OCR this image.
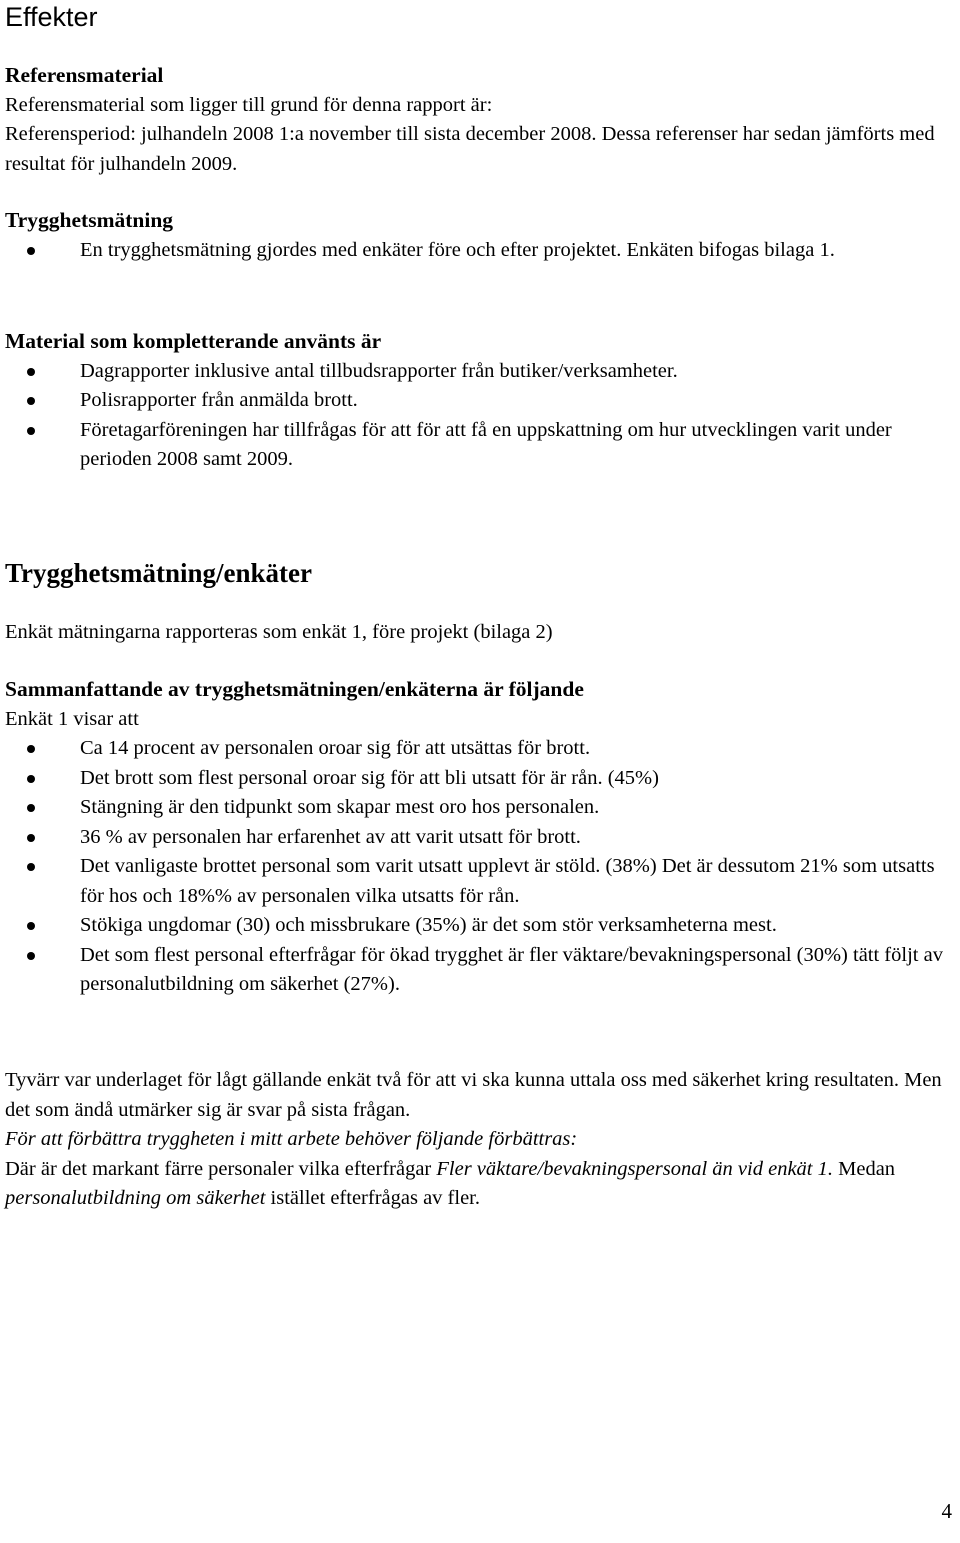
Effekter

Referensmaterial

Referensmaterial som ligger till grund för denna rapport är:

Referensperiod: julhandeln 2008 1:a november till sista december 2008. Dessa referenser har sedan jämförts med resultat för julhandeln 2009.

Trygghetsmätning

En trygghetsmätning gjordes med enkäter före och efter projektet. Enkäten bifogas bilaga 1.

Material som kompletterande använts är

Dagrapporter inklusive antal tillbudsrapporter från butiker/verksamheter.
Polisrapporter från anmälda brott.
Företagarföreningen har tillfrågas för att för att få en uppskattning om hur utvecklingen varit under perioden 2008 samt 2009.

Trygghetsmätning/enkäter

Enkät mätningarna rapporteras som enkät 1, före projekt (bilaga 2)

Sammanfattande av trygghetsmätningen/enkäterna är följande

Enkät 1 visar att

Ca 14 procent av personalen oroar sig för att utsättas för brott.
Det brott som flest personal oroar sig för att bli utsatt för är rån. (45%)
Stängning är den tidpunkt som skapar mest oro hos personalen.
36 % av personalen har erfarenhet av att varit utsatt för brott.
Det vanligaste brottet personal som varit utsatt upplevt är stöld. (38%) Det är dessutom 21% som utsatts för hos och 18%% av personalen vilka utsatts för rån.
Stökiga ungdomar (30) och missbrukare (35%) är det som stör verksamheterna mest.
Det som flest personal efterfrågar för ökad trygghet är fler väktare/bevakningspersonal (30%) tätt följt av personalutbildning om säkerhet (27%).

Tyvärr var underlaget för lågt gällande enkät två för att vi ska kunna uttala oss med säkerhet kring resultaten. Men det som ändå utmärker sig är svar på sista frågan.

För att förbättra tryggheten i mitt arbete behöver följande förbättras:

Där är det markant färre personaler vilka efterfrågar Fler väktare/bevakningspersonal än vid enkät 1. Medan personalutbildning om säkerhet istället efterfrågas av fler.

4
